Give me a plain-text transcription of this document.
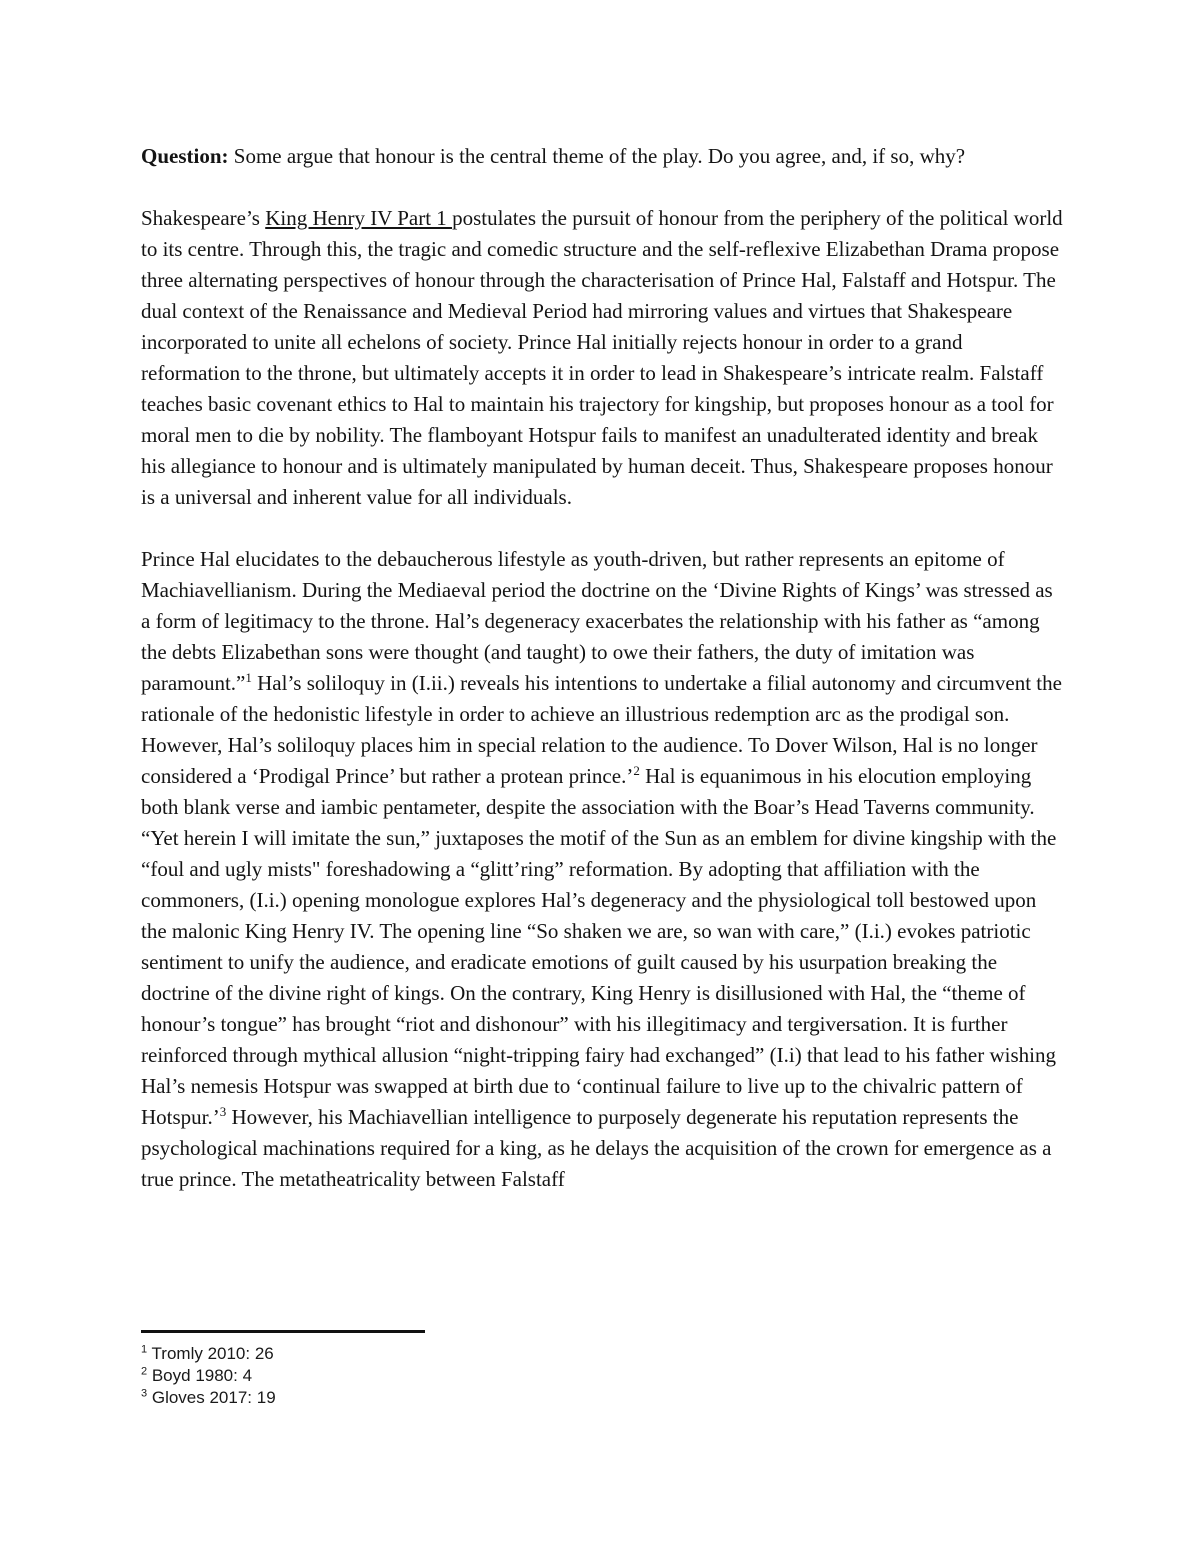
Question: Some argue that honour is the central theme of the play. Do you agree, and, if so, why?

Shakespeare’s King Henry IV Part 1 postulates the pursuit of honour from the periphery of the political world to its centre. Through this, the tragic and comedic structure and the self-reflexive Elizabethan Drama propose three alternating perspectives of honour through the characterisation of Prince Hal, Falstaff and Hotspur. The dual context of the Renaissance and Medieval Period had mirroring values and virtues that Shakespeare incorporated to unite all echelons of society. Prince Hal initially rejects honour in order to a grand reformation to the throne, but ultimately accepts it in order to lead in Shakespeare’s intricate realm. Falstaff teaches basic covenant ethics to Hal to maintain his trajectory for kingship, but proposes honour as a tool for moral men to die by nobility. The flamboyant Hotspur fails to manifest an unadulterated identity and break his allegiance to honour and is ultimately manipulated by human deceit. Thus, Shakespeare proposes honour is a universal and inherent value for all individuals.

Prince Hal elucidates to the debaucherous lifestyle as youth-driven, but rather represents an epitome of Machiavellianism. During the Mediaeval period the doctrine on the ‘Divine Rights of Kings’ was stressed as a form of legitimacy to the throne. Hal’s degeneracy exacerbates the relationship with his father as “among the debts Elizabethan sons were thought (and taught) to owe their fathers, the duty of imitation was paramount.”$^1$ Hal’s soliloquy in (I.ii.) reveals his intentions to undertake a filial autonomy and circumvent the rationale of the hedonistic lifestyle in order to achieve an illustrious redemption arc as the prodigal son. However, Hal’s soliloquy places him in special relation to the audience. To Dover Wilson, Hal is no longer considered a ‘Prodigal Prince’ but rather a protean prince.’$^2$ Hal is equanimous in his elocution employing both blank verse and iambic pentameter, despite the association with the Boar’s Head Taverns community. “Yet herein I will imitate the sun,” juxtaposes the motif of the Sun as an emblem for divine kingship with the “foul and ugly mists" foreshadowing a “glitt’ring” reformation. By adopting that affiliation with the commoners, (I.i.) opening monologue explores Hal’s degeneracy and the physiological toll bestowed upon the malonic King Henry IV. The opening line “So shaken we are, so wan with care,” (I.i.) evokes patriotic sentiment to unify the audience, and eradicate emotions of guilt caused by his usurpation breaking the doctrine of the divine right of kings. On the contrary, King Henry is disillusioned with Hal, the “theme of honour’s tongue” has brought “riot and dishonour” with his illegitimacy and tergiversation. It is further reinforced through mythical allusion “night-tripping fairy had exchanged” (I.i) that lead to his father wishing Hal’s nemesis Hotspur was swapped at birth due to ‘continual failure to live up to the chivalric pattern of Hotspur.’$^3$ However, his Machiavellian intelligence to purposely degenerate his reputation represents the psychological machinations required for a king, as he delays the acquisition of the crown for emergence as a true prince. The metatheatricality between Falstaff

$^1$ Tromly 2010: 26
$^2$ Boyd 1980: 4
$^3$ Gloves 2017: 19
